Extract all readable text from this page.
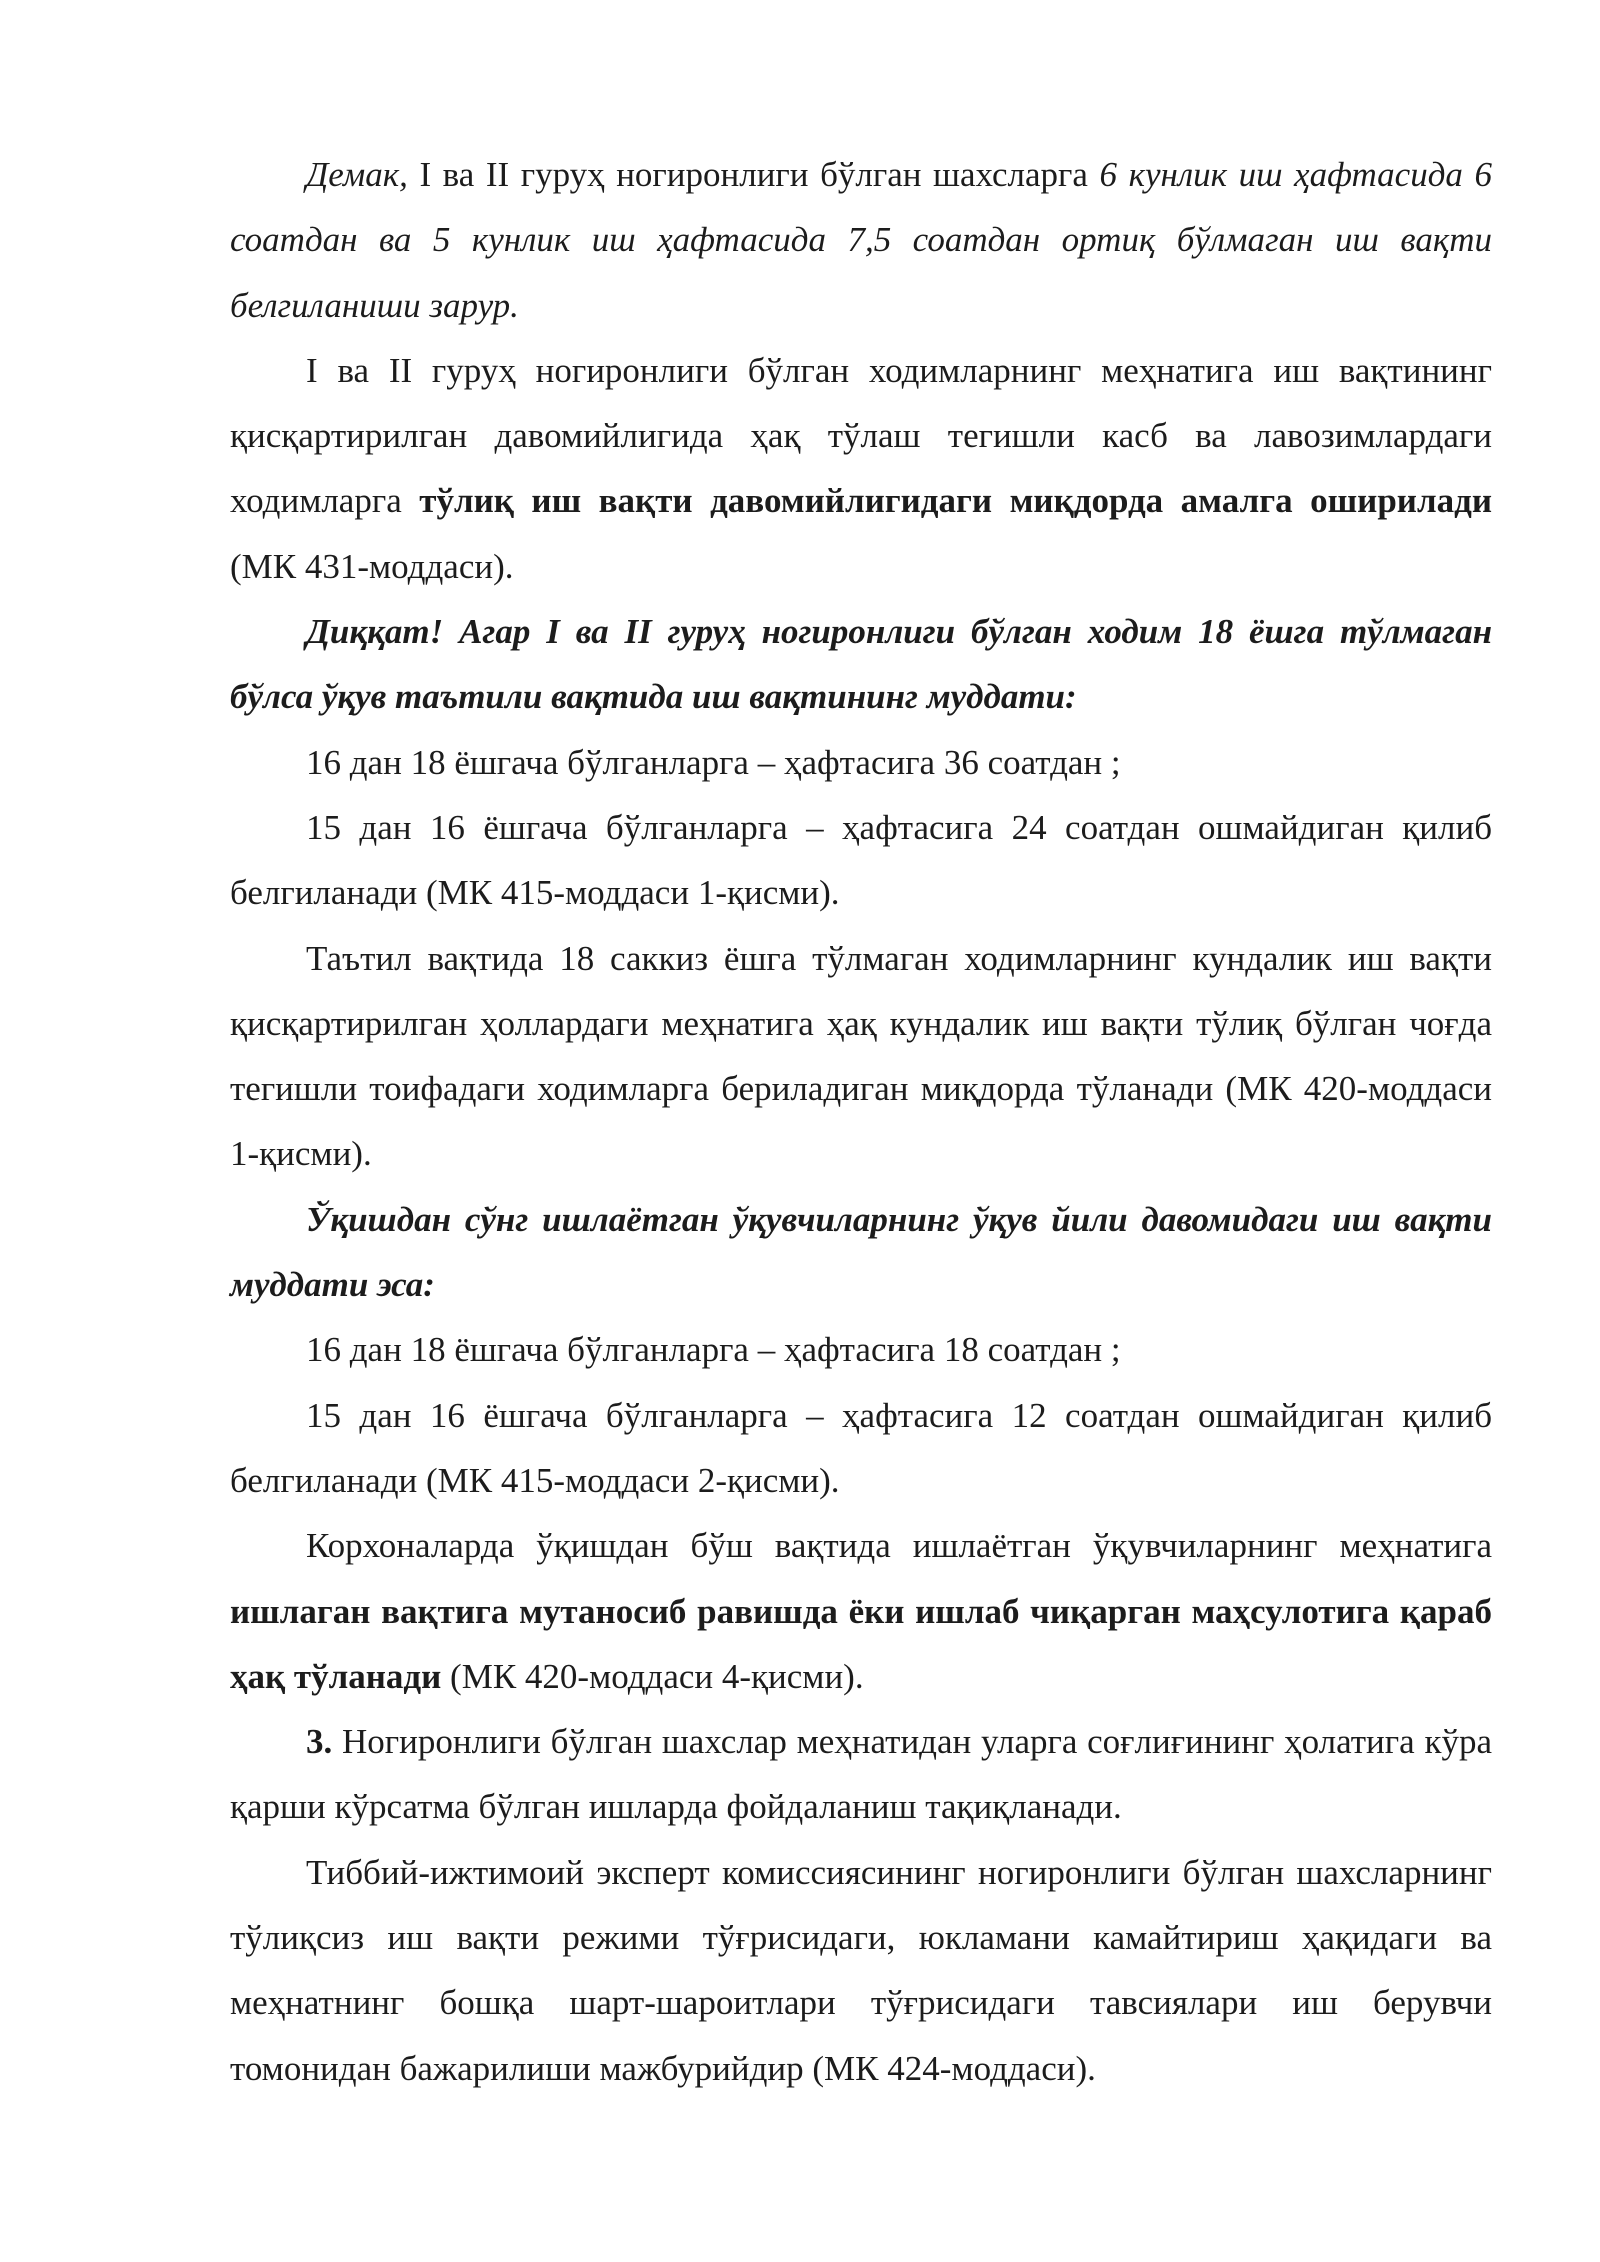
Демак, I ва II гуруҳ ногиронлиги бўлган шахсларга 6 кунлик иш ҳафтасида 6 соатдан ва 5 кунлик иш ҳафтасида 7,5 соатдан ортиқ бўлмаган иш вақти белгиланиши зарур.

I ва II гуруҳ ногиронлиги бўлган ходимларнинг меҳнатига иш вақтининг қисқартирилган давомийлигида ҳақ тўлаш тегишли касб ва лавозимлардаги ходимларга тўлиқ иш вақти давомийлигидаги миқдорда амалга оширилади (МК 431-моддаси).

Диққат! Агар I ва II гуруҳ ногиронлиги бўлган ходим 18 ёшга тўлмаган бўлса ўқув таътили вақтида иш вақтининг муддати:

16 дан 18 ёшгача бўлганларга – ҳафтасига 36 соатдан ;

15 дан 16 ёшгача бўлганларга – ҳафтасига 24 соатдан ошмайдиган қилиб белгиланади (МК 415-моддаси 1-қисми).

Таътил вақтида 18 саккиз ёшга тўлмаган ходимларнинг кундалик иш вақти қисқартирилган ҳоллардаги меҳнатига ҳақ кундалик иш вақти тўлиқ бўлган чоғда тегишли тоифадаги ходимларга бериладиган миқдорда тўланади (МК 420-моддаси 1-қисми).

Ўқишдан сўнг ишлаётган ўқувчиларнинг ўқув йили давомидаги иш вақти муддати эса:

16 дан 18 ёшгача бўлганларга – ҳафтасига 18 соатдан ;

15 дан 16 ёшгача бўлганларга – ҳафтасига 12 соатдан ошмайдиган қилиб белгиланади (МК 415-моддаси 2-қисми).

Корхоналарда ўқишдан бўш вақтида ишлаётган ўқувчиларнинг меҳнатига ишлаган вақтига мутаносиб равишда ёки ишлаб чиқарган маҳсулотига қараб ҳақ тўланади (МК 420-моддаси 4-қисми).

3. Ногиронлиги бўлган шахслар меҳнатидан уларга соғлиғининг ҳолатига кўра қарши кўрсатма бўлган ишларда фойдаланиш тақиқланади.

Тиббий-ижтимоий эксперт комиссиясининг ногиронлиги бўлган шахсларнинг тўлиқсиз иш вақти режими тўғрисидаги, юкламани камайтириш ҳақидаги ва меҳнатнинг бошқа шарт-шароитлари тўғрисидаги тавсиялари иш берувчи томонидан бажарилиши мажбурийдир (МК 424-моддаси).
